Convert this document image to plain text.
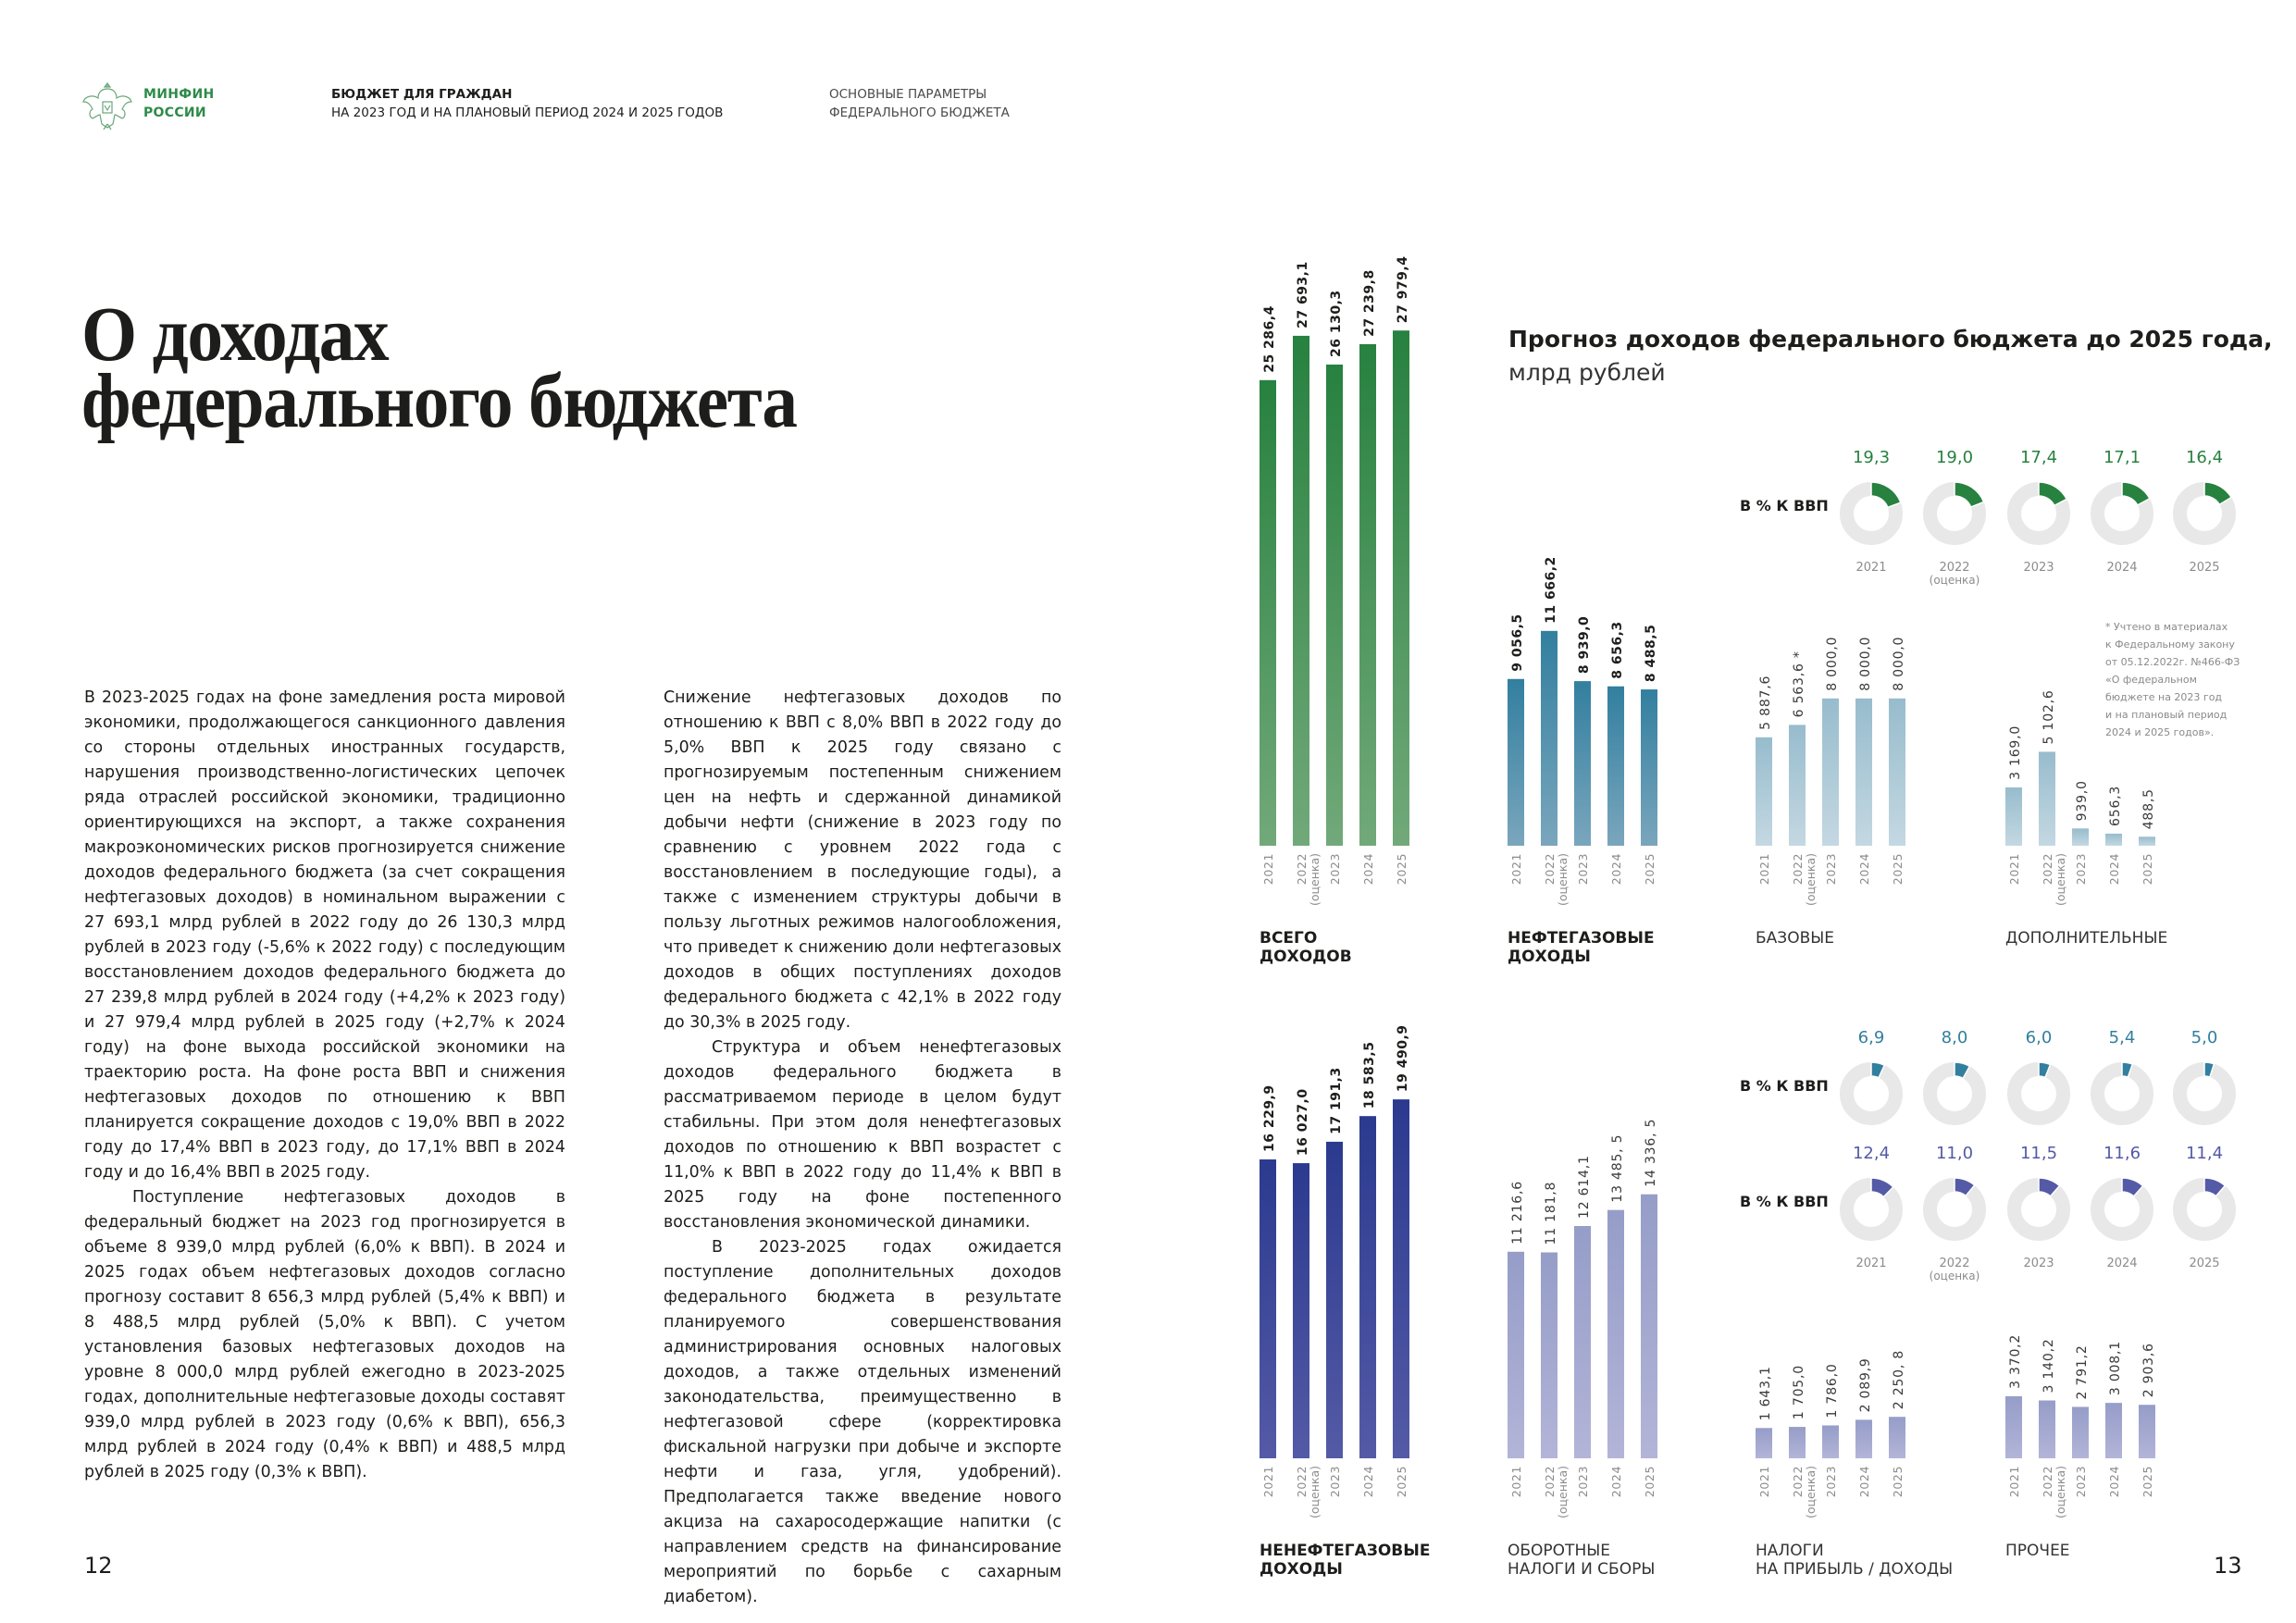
МИНФИН
РОССИИ
БЮДЖЕТ ДЛЯ ГРАЖДАН
НА 2023 ГОД И НА ПЛАНОВЫЙ ПЕРИОД 2024 И 2025 ГОДОВ
ОСНОВНЫЕ ПАРАМЕТРЫ
ФЕДЕРАЛЬНОГО БЮДЖЕТА
О доходах
федерального бюджета

В 2023-2025 годах на фоне замедления роста мировой экономики, продолжающегося санкционного давления со стороны отдельных иностранных государств, нарушения производственно-логистических цепочек ряда отраслей российской экономики, традиционно ориентирующихся на экспорт, а также сохранения макроэкономических рисков прогнозируется снижение доходов федерального бюджета (за счет сокращения нефтегазовых доходов) в номинальном выражении с 27 693,1 млрд рублей в 2022 году до 26 130,3 млрд рублей в 2023 году (-5,6% к 2022 году) с последующим восстановлением доходов федерального бюджета до 27 239,8 млрд рублей в 2024 году (+4,2% к 2023 году) и 27 979,4 млрд рублей в 2025 году (+2,7% к 2024 году) на фоне выхода российской экономики на траекторию роста. На фоне роста ВВП и снижения нефтегазовых доходов по отношению к ВВП планируется сокращение доходов с 19,0% ВВП в 2022 году до 17,4% ВВП в 2023 году, до 17,1% ВВП в 2024 году и до 16,4% ВВП в 2025 году.

Поступление нефтегазовых доходов в федеральный бюджет на 2023 год прогнозируется в объеме 8 939,0 млрд рублей (6,0% к ВВП). В 2024 и 2025 годах объем нефтегазовых доходов согласно прогнозу составит 8 656,3 млрд рублей (5,4% к ВВП) и 8 488,5 млрд рублей (5,0% к ВВП). С учетом установления базовых нефтегазовых доходов на уровне 8 000,0 млрд рублей ежегодно в 2023-2025 годах, дополнительные нефтегазовые доходы составят 939,0 млрд рублей в 2023 году (0,6% к ВВП), 656,3 млрд рублей в 2024 году (0,4% к ВВП) и 488,5 млрд рублей в 2025 году (0,3% к ВВП).

Снижение нефтегазовых доходов по отношению к ВВП с 8,0% ВВП в 2022 году до 5,0% ВВП к 2025 году связано с прогнозируемым постепенным снижением цен на нефть и сдержанной динамикой добычи нефти (снижение в 2023 году по сравнению с уровнем 2022 года с восстановлением в последующие годы), а также с изменением структуры добычи в пользу льготных режимов налогообложения, что приведет к снижению доли нефтегазовых доходов в общих поступлениях доходов федерального бюджета с 42,1% в 2022 году до 30,3% в 2025 году.

Структура и объем ненефтегазовых доходов федерального бюджета в рассматриваемом периоде в целом будут стабильны. При этом доля ненефтегазовых доходов по отношению к ВВП возрастет с 11,0% к ВВП в 2022 году до 11,4% к ВВП в 2025 году на фоне постепенного восстановления экономической динамики.

В 2023-2025 годах ожидается поступление дополнительных доходов федерального бюджета в результате планируемого совершенствования администрирования основных налоговых доходов, а также отдельных изменений законодательства, преимущественно в нефтегазовой сфере (корректировка фискальной нагрузки при добыче и экспорте нефти и газа, угля, удобрений). Предполагается также введение нового акциза на сахаросодержащие напитки (с направлением средств на финансирование мероприятий по борьбе с сахарным диабетом).

12	13
Прогноз доходов федерального бюджета до 2025 года,
млрд рублей
* Учтено в материалах
к Федеральному закону
от 05.12.2022г. №466-ФЗ
«О федеральном
бюджете на 2023 год
и на плановый период
2024 и 2025 годов».
ВСЕГО
ДОХОДОВ
НЕФТЕГАЗОВЫЕ
ДОХОДЫ
БАЗОВЫЕ	ДОПОЛНИТЕЛЬНЫЕ
НЕНЕФТЕГАЗОВЫЕ
ДОХОДЫ
ОБОРОТНЫЕ
НАЛОГИ И СБОРЫ
НАЛОГИ
НА ПРИБЫЛЬ / ДОХОДЫ
ПРОЧЕЕ
В % К ВВП
В % К ВВП
В % К ВВП
25 286,4
2021
27 693,1
2022 (оценка)
26 130,3
2023
27 239,8
2024
27 979,4
2025
9 056,5
2021
11 666,2
2022 (оценка)
8 939,0
2023
8 656,3
2024
8 488,5
2025
5 887,6
2021
6 563,6 *
2022 (оценка)
8 000,0
2023
8 000,0
2024
8 000,0
2025
3 169,0
2021
5 102,6
2022 (оценка)
939,0
2023
656,3
2024
488,5
2025
16 229,9
2021
16 027,0
2022 (оценка)
17 191,3
2023
18 583,5
2024
19 490,9
2025
11 216,6
2021
11 181,8
2022 (оценка)
12 614,1
2023
13 485, 5
2024
14 336, 5
2025
1 643,1
2021
1 705,0
2022 (оценка)
1 786,0
2023
2 089,9
2024
2 250, 8
2025
3 370,2
2021
3 140,2
2022 (оценка)
2 791,2
2023
3 008,1
2024
2 903,6
2025
19,3	19,0	17,4	17,1	16,4
6,9	8,0	6,0	5,4	5,0
12,4	11,0	11,5	11,6	11,4
2021	2022
(оценка)
2023	2024	2025
2021	2022
(оценка)
2023	2024	2025
